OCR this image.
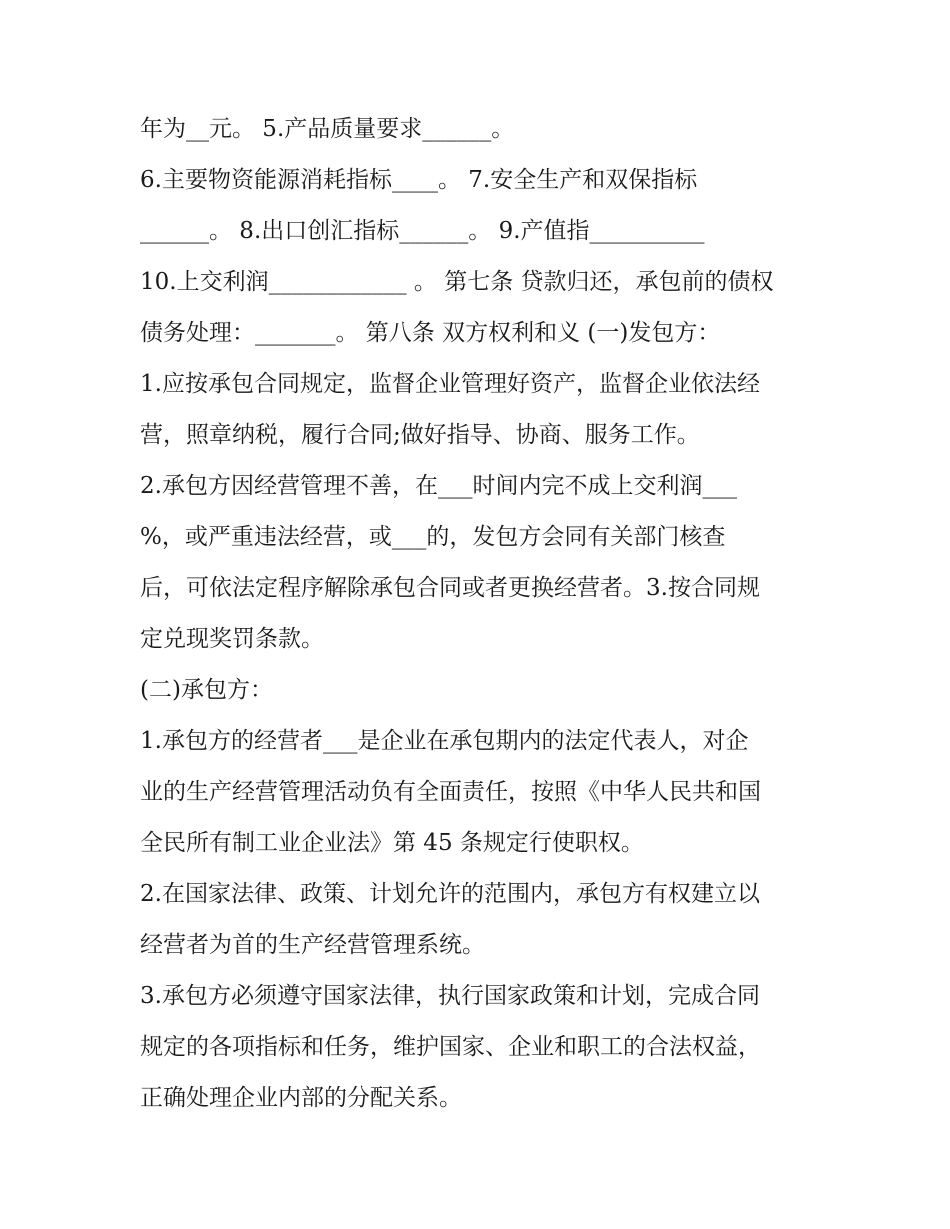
年为__元。 5.产品质量要求______。
6.主要物资能源消耗指标____。 7.安全生产和双保指标
______。 8.出口创汇指标______。 9.产值指__________
10.上交利润____________ 。 第七条 贷款归还，承包前的债权
债务处理：_______。 第八条 双方权利和义 (一)发包方：
1.应按承包合同规定，监督企业管理好资产，监督企业依法经
营，照章纳税，履行合同;做好指导、协商、服务工作。
2.承包方因经营管理不善，在___时间内完不成上交利润___
%，或严重违法经营，或___的，发包方会同有关部门核查
后，可依法定程序解除承包合同或者更换经营者。3.按合同规
定兑现奖罚条款。
(二)承包方：
1.承包方的经营者___是企业在承包期内的法定代表人，对企
业的生产经营管理活动负有全面责任，按照《中华人民共和国
全民所有制工业企业法》第 45 条规定行使职权。
2.在国家法律、政策、计划允许的范围内，承包方有权建立以
经营者为首的生产经营管理系统。
3.承包方必须遵守国家法律，执行国家政策和计划，完成合同
规定的各项指标和任务，维护国家、企业和职工的合法权益，
正确处理企业内部的分配关系。
